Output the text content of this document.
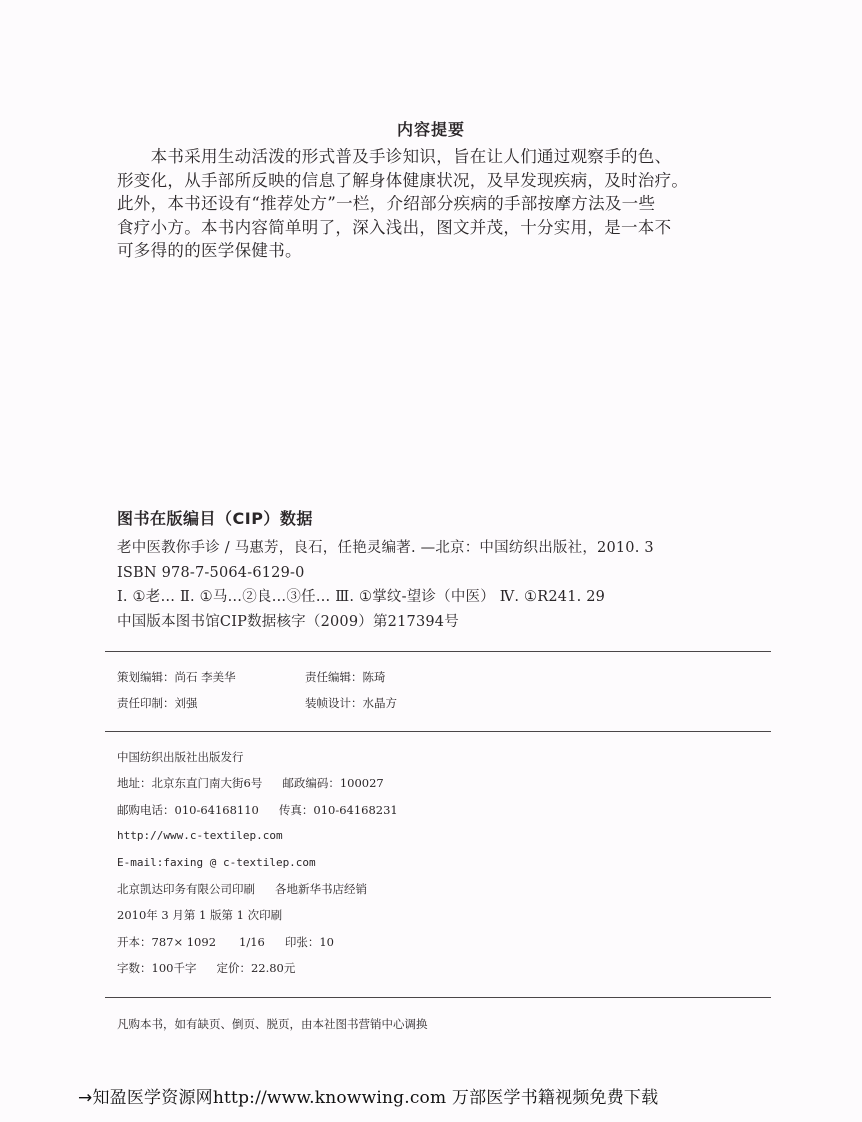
内容提要

　　本书采用生动活泼的形式普及手诊知识，旨在让人们通过观察手的色、

形变化，从手部所反映的信息了解身体健康状况，及早发现疾病，及时治疗。

此外，本书还设有“推荐处方”一栏，介绍部分疾病的手部按摩方法及一些

食疗小方。本书内容简单明了，深入浅出，图文并茂，十分实用，是一本不

可多得的的医学保健书。

图书在版编目（CIP）数据
老中医教你手诊 / 马惠芳，良石，任艳灵编著. —北京：中国纺织出版社，2010. 3
ISBN 978-7-5064-6129-0
Ⅰ. ①老… Ⅱ. ①马…②良…③任… Ⅲ. ①掌纹-望诊（中医） Ⅳ. ①R241. 29
中国版本图书馆CIP数据核字（2009）第217394号
策划编辑：尚石 李美华	责任编辑：陈琦
责任印制：刘强	装帧设计：水晶方
中国纺织出版社出版发行
地址：北京东直门南大街6号 邮政编码：100027
邮购电话：010-64168110 传真：010-64168231
http://www.c-textilep.com
E-mail:faxing @ c-textilep.com
北京凯达印务有限公司印刷 各地新华书店经销
2010年 3 月第 1 版第 1 次印刷
开本：787× 1092　　1/16 印张：10
字数：100千字 定价：22.80元
凡购本书，如有缺页、倒页、脱页，由本社图书营销中心调换
→知盈医学资源网http://www.knowwing.com 万部医学书籍视频免费下载
